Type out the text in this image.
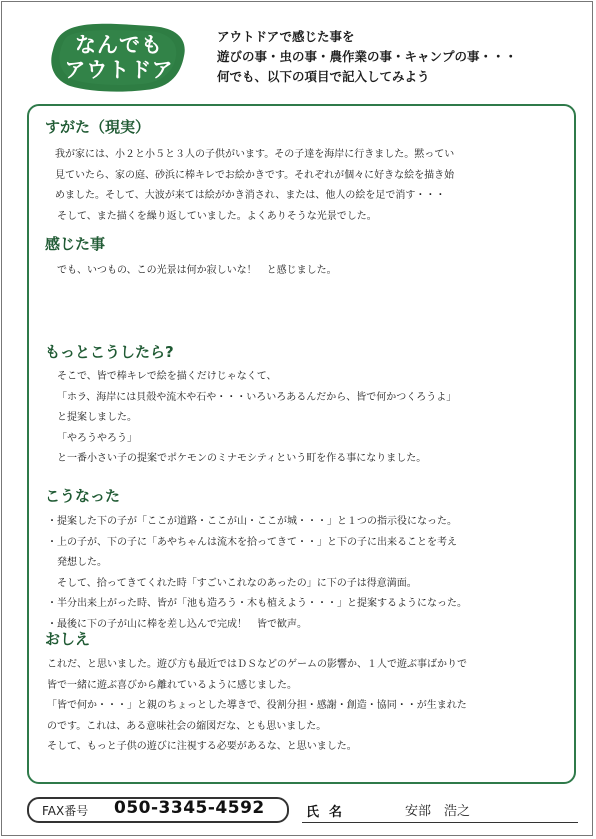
なんでも
アウトドア
アウトドアで感じた事を
遊びの事・虫の事・農作業の事・キャンプの事・・・
何でも、以下の項目で記入してみよう
すがた（現実）
我が家には、小２と小５と３人の子供がいます。その子達を海岸に行きました。黙ってい
見ていたら、家の庭、砂浜に棒キレでお絵かきです。それぞれが個々に好きな絵を描き始
めました。そして、大波が来ては絵がかき消され、または、他人の絵を足で消す・・・
そして、また描くを繰り返していました。よくありそうな光景でした。
感じた事
でも、いつもの、この光景は何か寂しいな！　と感じました。
もっとこうしたら?
そこで、皆で棒キレで絵を描くだけじゃなくて、
「ホラ、海岸には貝殻や流木や石や・・・いろいろあるんだから、皆で何かつくろうよ」
と提案しました。
「やろうやろう」
と一番小さい子の提案でポケモンのミナモシティという町を作る事になりました。
こうなった
・提案した下の子が「ここが道路・ここが山・ここが城・・・」と１つの指示役になった。
・上の子が、下の子に「あやちゃんは流木を拾ってきて・・」と下の子に出来ることを考え
　発想した。
　そして、拾ってきてくれた時「すごいこれなのあったの」に下の子は得意満面。
・半分出来上がった時、皆が「池も造ろう・木も植えよう・・・」と提案するようになった。
・最後に下の子が山に棒を差し込んで完成！　皆で歓声。
おしえ
これだ、と思いました。遊び方も最近ではＤＳなどのゲームの影響か、１人で遊ぶ事ばかりで
皆で一緒に遊ぶ喜びから離れているように感じました。
「皆で何か・・・」と親のちょっとした導きで、役割分担・感謝・創造・協同・・が生まれた
のです。これは、ある意味社会の縮図だな、とも思いました。
そして、もっと子供の遊びに注視する必要があるな、と思いました。
FAX番号 050-3345-4592	氏名	安部　浩之
